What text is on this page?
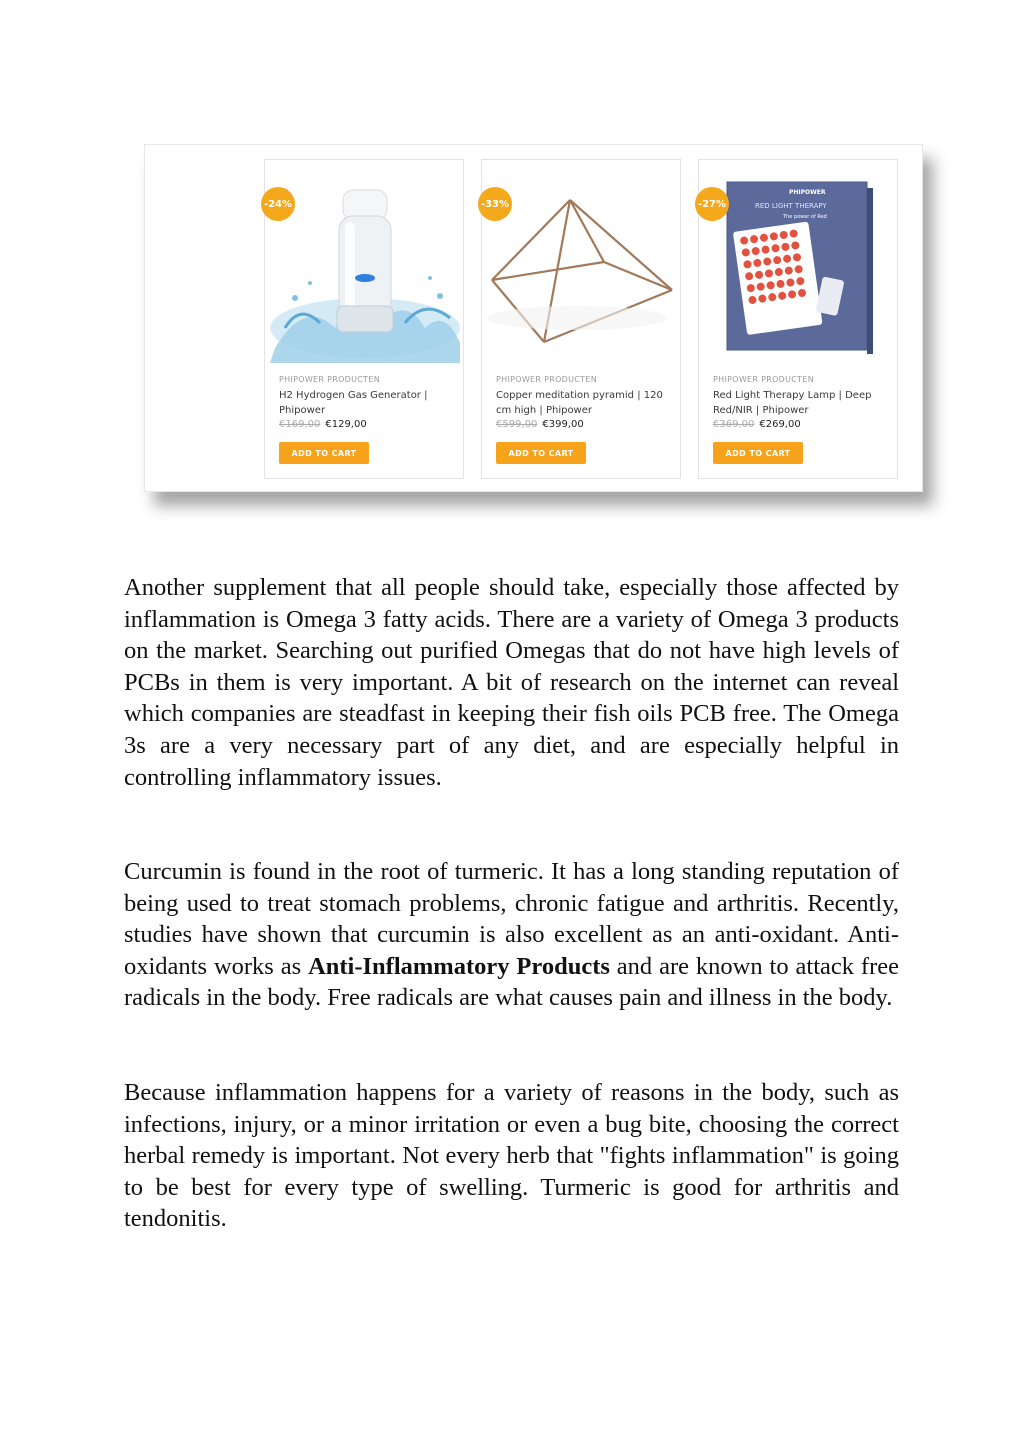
-24%
PHIPOWER PRODUCTEN
H2 Hydrogen Gas Generator | Phipower
€169,00 €129,00
ADD TO CART
-33%
PHIPOWER PRODUCTEN
Copper meditation pyramid | 120 cm high | Phipower
€599,00 €399,00
ADD TO CART
PHIPOWER
RED LIGHT THERAPY
The power of Red
-27%
PHIPOWER PRODUCTEN
Red Light Therapy Lamp | Deep Red/NIR | Phipower
€369,00 €269,00
ADD TO CART

Another supplement that all people should take, especially those affected by inflammation is Omega 3 fatty acids. There are a variety of Omega 3 products on the market. Searching out purified Omegas that do not have high levels of PCBs in them is very important. A bit of research on the internet can reveal which companies are steadfast in keeping their fish oils PCB free. The Omega 3s are a very necessary part of any diet, and are especially helpful in controlling inflammatory issues.

Curcumin is found in the root of turmeric. It has a long standing reputation of being used to treat stomach problems, chronic fatigue and arthritis. Recently, studies have shown that curcumin is also excellent as an anti-oxidant. Anti-oxidants works as Anti-Inflammatory Products and are known to attack free radicals in the body. Free radicals are what causes pain and illness in the body.

Because inflammation happens for a variety of reasons in the body, such as infections, injury, or a minor irritation or even a bug bite, choosing the correct herbal remedy is important. Not every herb that "fights inflammation" is going to be best for every type of swelling. Turmeric is good for arthritis and tendonitis.
